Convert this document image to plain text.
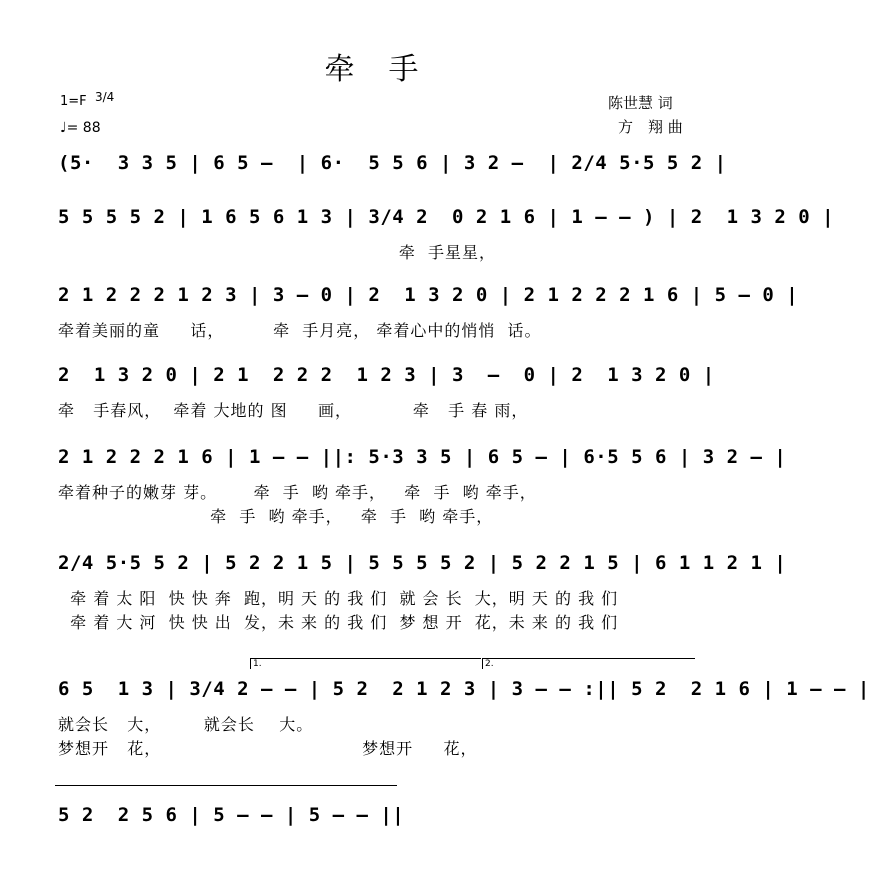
牵　手
1=F 3/4
♩= 88
陈世慧 词
方　翔 曲
(5·  3 3 5 | 6 5 –  | 6·  5 5 6 | 3 2 –  | 2/4 5·5 5 2 |
5 5 5 5 2 | 1 6 5 6 1 3 | 3/4 2  0 2 1 6 | 1 – – ) | 2  1 3 2 0 |
牵  手星星，
2 1 2 2 2 1 2 3 | 3 – 0 | 2  1 3 2 0 | 2 1 2 2 2 1 6 | 5 – 0 |
牵着美丽的童     话，        牵  手月亮， 牵着心中的悄悄  话。
2  1 3 2 0 | 2 1  2 2 2  1 2 3 | 3  –  0 | 2  1 3 2 0 |
牵   手春风，  牵着 大地的 图     画，          牵   手 春 雨，
2 1 2 2 2 1 6 | 1 – – ||: 5·3 3 5 | 6 5 – | 6·5 5 6 | 3 2 – |
牵着种子的嫩芽 芽。      牵  手  哟 牵手，   牵  手  哟 牵手，
牵  手  哟 牵手，   牵  手  哟 牵手，
2/4 5·5 5 2 | 5 2 2 1 5 | 5 5 5 5 2 | 5 2 2 1 5 | 6 1 1 2 1 |
牵 着 太 阳  快 快 奔  跑，明 天 的 我 们  就 会 长  大，明 天 的 我 们
牵 着 大 河  快 快 出  发，未 来 的 我 们  梦 想 开  花，未 来 的 我 们
1.	2.
6 5  1 3 | 3/4 2 – – | 5 2  2 1 2 3 | 3 – – :|| 5 2  2 1 6 | 1 – – |
就会长   大，       就会长    大。
梦想开   花，                                 梦想开     花，
5 2  2 5 6 | 5 – – | 5 – – ||
